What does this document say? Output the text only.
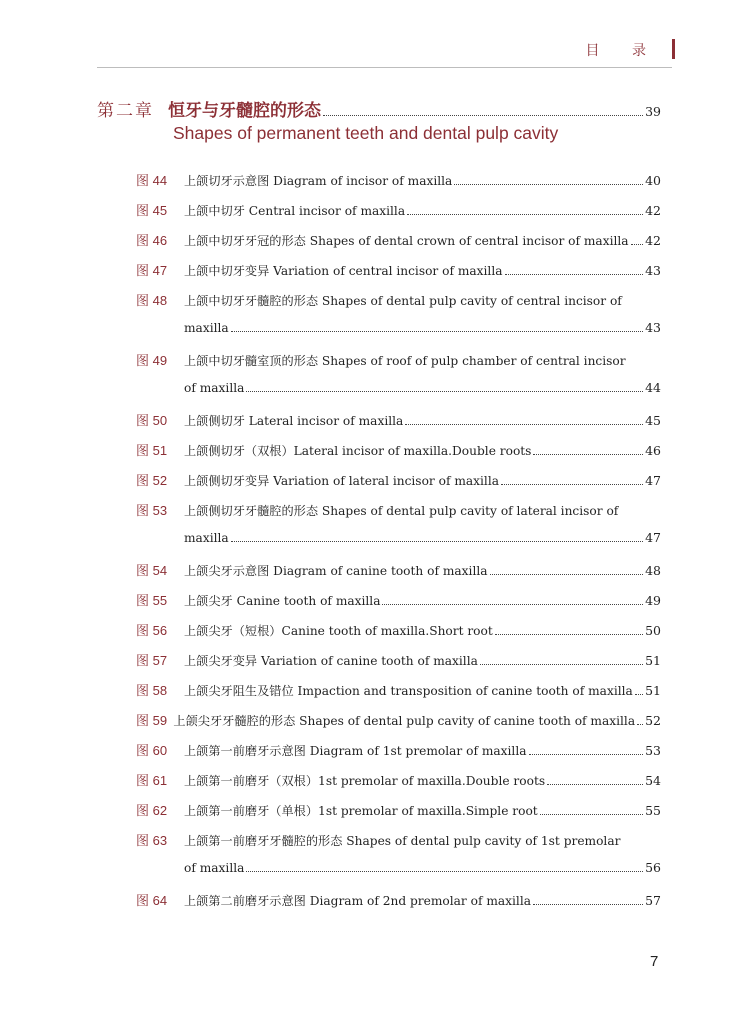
目 录
第二章 恒牙与牙髓腔的形态	39
Shapes of permanent teeth and dental pulp cavity
图 44	上颌切牙示意图 Diagram of incisor of maxilla	40
图 45	上颌中切牙 Central incisor of maxilla	42
图 46	上颌中切牙牙冠的形态 Shapes of dental crown of central incisor of maxilla 42
图 47	上颌中切牙变异 Variation of central incisor of maxilla	43
图 48	上颌中切牙牙髓腔的形态 Shapes of dental pulp cavity of central incisor of
maxilla	43
图 49	上颌中切牙髓室顶的形态 Shapes of roof of pulp chamber of central incisor
of maxilla	44
图 50	上颌侧切牙 Lateral incisor of maxilla	45
图 51	上颌侧切牙（双根）Lateral incisor of maxilla.Double roots	46
图 52	上颌侧切牙变异 Variation of lateral incisor of maxilla	47
图 53	上颌侧切牙牙髓腔的形态 Shapes of dental pulp cavity of lateral incisor of
maxilla	47
图 54	上颌尖牙示意图 Diagram of canine tooth of maxilla	48
图 55	上颌尖牙 Canine tooth of maxilla	49
图 56	上颌尖牙（短根）Canine tooth of maxilla.Short root	50
图 57	上颌尖牙变异 Variation of canine tooth of maxilla	51
图 58	上颌尖牙阻生及错位 Impaction and transposition of canine tooth of maxilla 51
图 59 上颌尖牙牙髓腔的形态 Shapes of dental pulp cavity of canine tooth of maxilla 52
图 60	上颌第一前磨牙示意图 Diagram of 1st premolar of maxilla	53
图 61	上颌第一前磨牙（双根）1st premolar of maxilla.Double roots	54
图 62	上颌第一前磨牙（单根）1st premolar of maxilla.Simple root	55
图 63	上颌第一前磨牙牙髓腔的形态 Shapes of dental pulp cavity of 1st premolar
of maxilla	56
图 64	上颌第二前磨牙示意图 Diagram of 2nd premolar of maxilla	57
7
